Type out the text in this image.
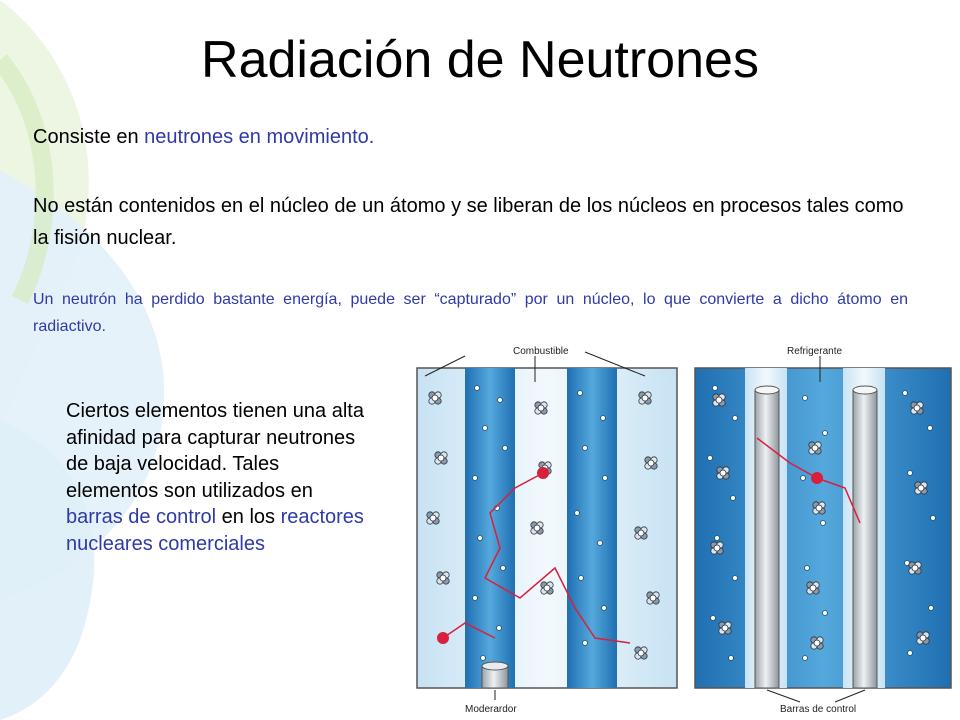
Radiación de Neutrones
Consiste en neutrones en movimiento.
No están contenidos en el núcleo de un átomo y se liberan de los núcleos en procesos tales como la fisión nuclear.
Un neutrón ha perdido bastante energía, puede ser “capturado” por un núcleo, lo que convierte a dicho átomo en radiactivo.
Ciertos elementos tienen una alta afinidad para capturar neutrones de baja velocidad. Tales elementos son utilizados en barras de control en los reactores nucleares comerciales
Combustible
Moderardor
Refrigerante
Barras de control
